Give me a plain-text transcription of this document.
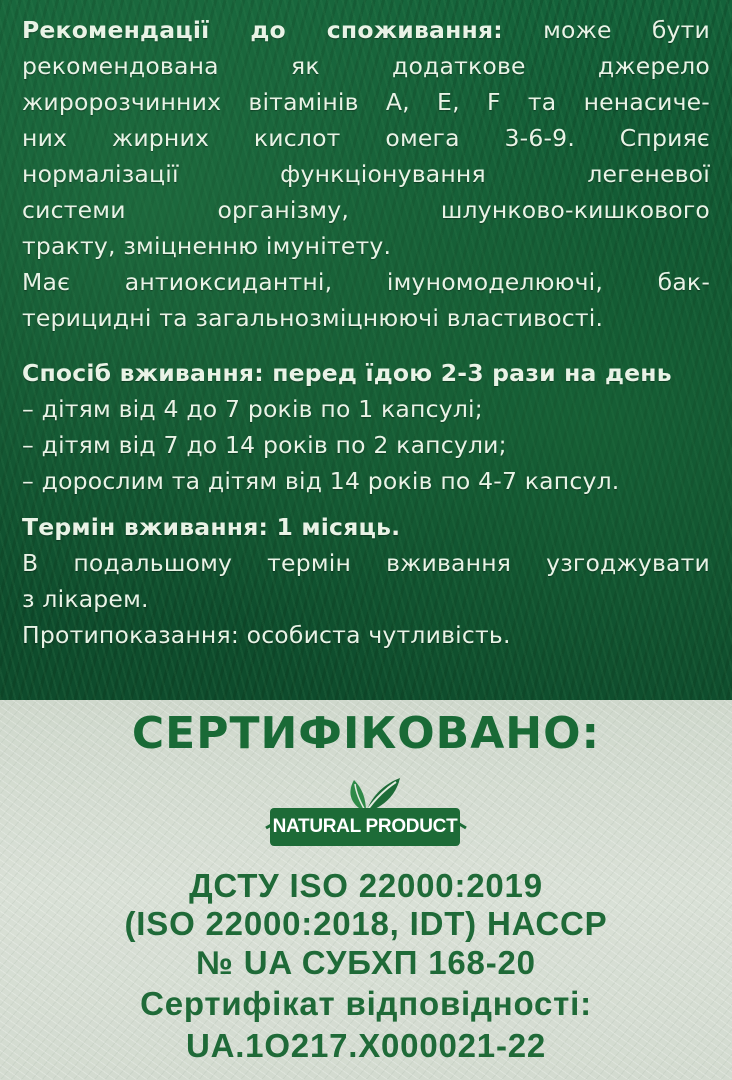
Рекомендації до споживання: може бути
рекомендована як додаткове джерело
жиророзчинних вітамінів А, Е, F та ненасиче-
них жирних кислот омега 3-6-9. Сприяє
нормалізації функціонування легеневої
системи організму, шлунково-кишкового
тракту, зміцненню імунітету.
Має антиоксидантні, імуномоделюючі, бак-
терицидні та загальнозміцнюючі властивості.
Спосіб вживання: перед їдою 2-3 рази на день
– дітям від 4 до 7 років по 1 капсулі;
– дітям від 7 до 14 років по 2 капсули;
– дорослим та дітям від 14 років по 4-7 капсул.
Термін вживання: 1 місяць.
В подальшому термін вживання узгоджувати
з лікарем.
Протипоказання: особиста чутливість.
СЕРТИФІКОВАНО:
NATURAL PRODUCT
ДСТУ ISO 22000:2019
(ISO 22000:2018, IDT) НАССР
№ UA СУБХП 168-20
Сертифікат відповідності:
UA.1О217.Х000021-22
